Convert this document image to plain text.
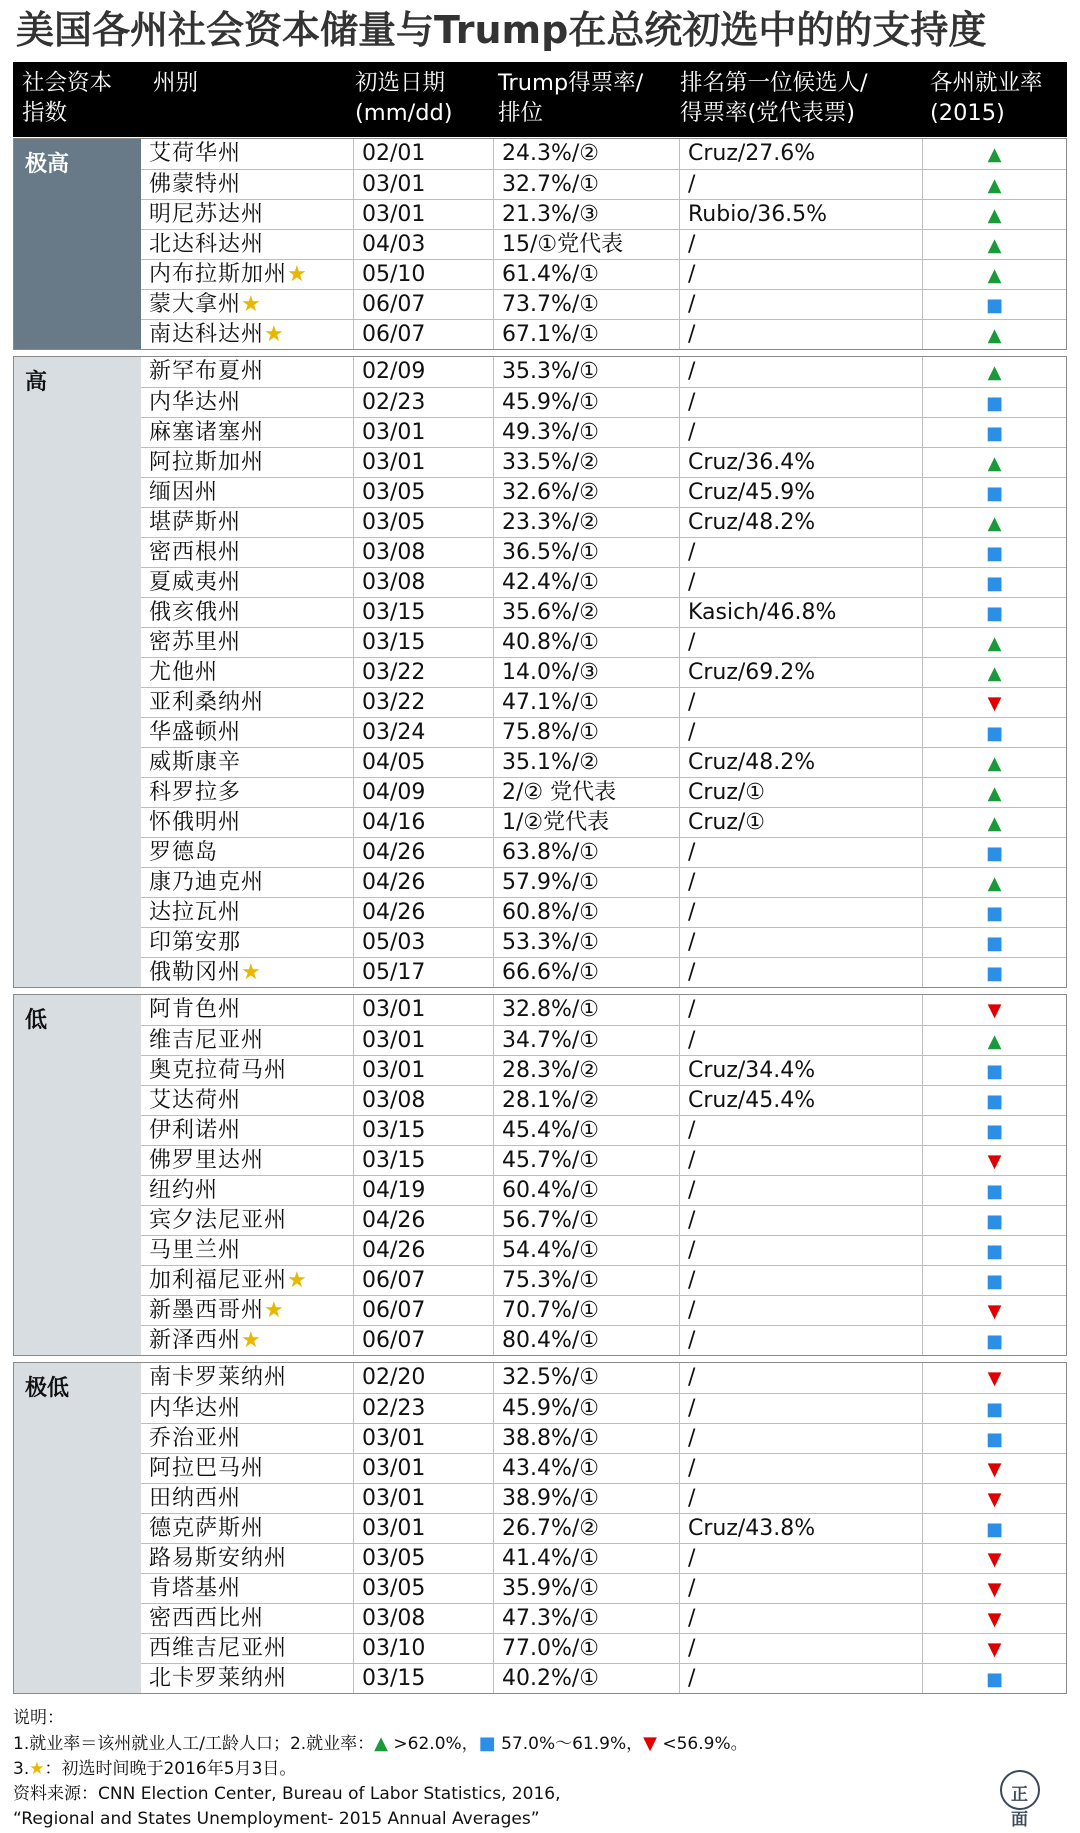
美国各州社会资本储量与Trump在总统初选中的的支持度
社会资本
指数
州别	初选日期
(mm/dd)
Trump得票率/
排位
排名第一位候选人/
得票率(党代表票)
各州就业率
(2015)
极高	艾荷华州	02/01	24.3%/②	Cruz/27.6%	▲
佛蒙特州	03/01	32.7%/①	/	▲
明尼苏达州	03/01	21.3%/③	Rubio/36.5%	▲
北达科达州	04/03	15/①党代表	/	▲
内布拉斯加州★	05/10	61.4%/①	/	▲
蒙大拿州★	06/07	73.7%/①	/	■
南达科达州★	06/07	67.1%/①	/	▲
高	新罕布夏州	02/09	35.3%/①	/	▲
内华达州	02/23	45.9%/①	/	■
麻塞诸塞州	03/01	49.3%/①	/	■
阿拉斯加州	03/01	33.5%/②	Cruz/36.4%	▲
缅因州	03/05	32.6%/②	Cruz/45.9%	■
堪萨斯州	03/05	23.3%/②	Cruz/48.2%	▲
密西根州	03/08	36.5%/①	/	■
夏威夷州	03/08	42.4%/①	/	■
俄亥俄州	03/15	35.6%/②	Kasich/46.8%	■
密苏里州	03/15	40.8%/①	/	▲
尤他州	03/22	14.0%/③	Cruz/69.2%	▲
亚利桑纳州	03/22	47.1%/①	/	▼
华盛顿州	03/24	75.8%/①	/	■
威斯康辛	04/05	35.1%/②	Cruz/48.2%	▲
科罗拉多	04/09	2/② 党代表	Cruz/①	▲
怀俄明州	04/16	1/②党代表	Cruz/①	▲
罗德岛	04/26	63.8%/①	/	■
康乃迪克州	04/26	57.9%/①	/	▲
达拉瓦州	04/26	60.8%/①	/	■
印第安那	05/03	53.3%/①	/	■
俄勒冈州★	05/17	66.6%/①	/	■
低	阿肯色州	03/01	32.8%/①	/	▼
维吉尼亚州	03/01	34.7%/①	/	▲
奥克拉荷马州	03/01	28.3%/②	Cruz/34.4%	■
艾达荷州	03/08	28.1%/②	Cruz/45.4%	■
伊利诺州	03/15	45.4%/①	/	■
佛罗里达州	03/15	45.7%/①	/	▼
纽约州	04/19	60.4%/①	/	■
宾夕法尼亚州	04/26	56.7%/①	/	■
马里兰州	04/26	54.4%/①	/	■
加利福尼亚州★	06/07	75.3%/①	/	■
新墨西哥州★	06/07	70.7%/①	/	▼
新泽西州★	06/07	80.4%/①	/	■
极低	南卡罗莱纳州	02/20	32.5%/①	/	▼
内华达州	02/23	45.9%/①	/	■
乔治亚州	03/01	38.8%/①	/	■
阿拉巴马州	03/01	43.4%/①	/	▼
田纳西州	03/01	38.9%/①	/	▼
德克萨斯州	03/01	26.7%/②	Cruz/43.8%	■
路易斯安纳州	03/05	41.4%/①	/	▼
肯塔基州	03/05	35.9%/①	/	▼
密西西比州	03/08	47.3%/①	/	▼
西维吉尼亚州	03/10	77.0%/①	/	▼
北卡罗莱纳州	03/15	40.2%/①	/	■
说明：
1.就业率＝该州就业人工/工龄人口；2.就业率：▲ >62.0%，■ 57.0%～61.9%，▼ <56.9%。
3.★：初选时间晚于2016年5月3日。
资料来源：CNN Election Center, Bureau of Labor Statistics, 2016,
“Regional and States Unemployment- 2015 Annual Averages”
正面
